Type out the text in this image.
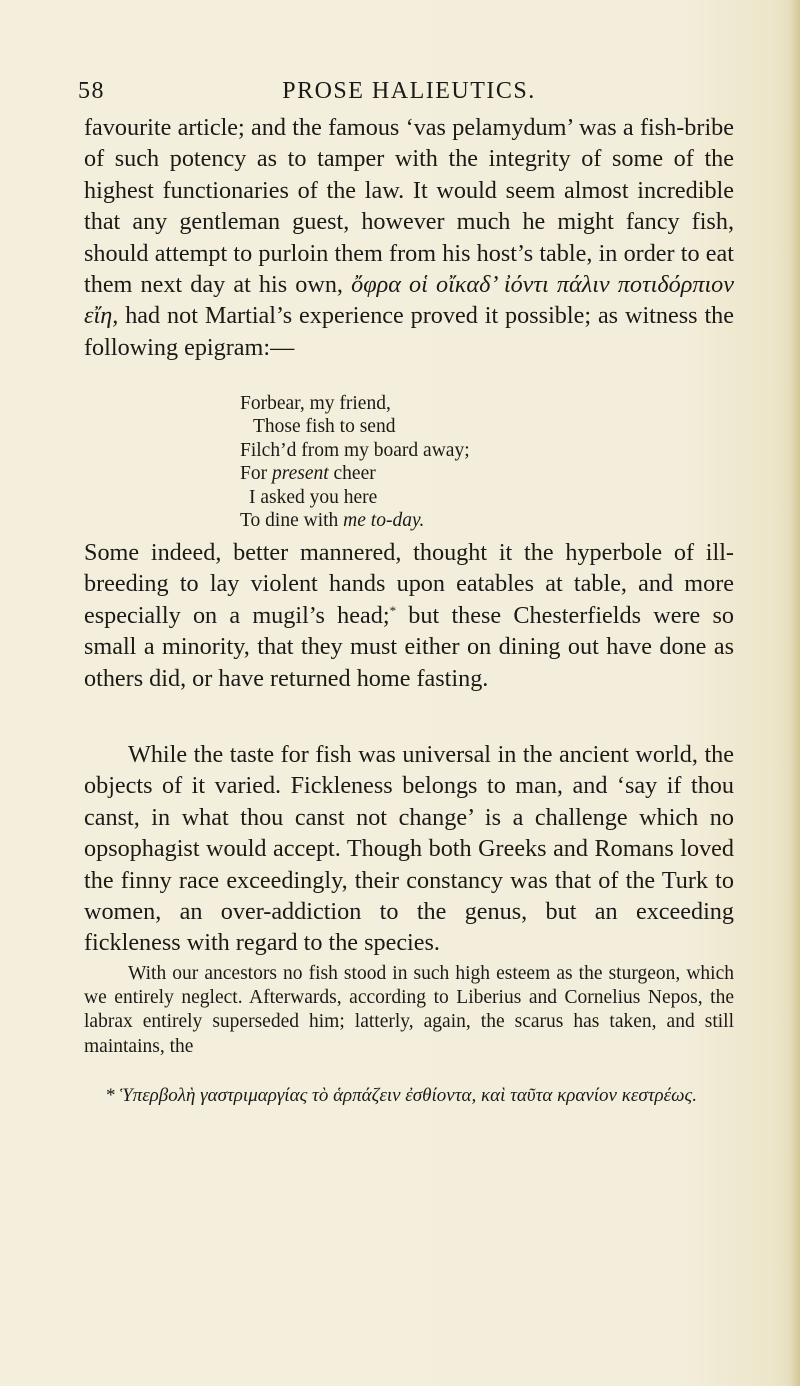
58	PROSE HALIEUTICS.

favourite article; and the famous ‘vas pelamydum’ was a fish-bribe of such potency as to tamper with the integrity of some of the highest functionaries of the law. It would seem almost incredible that any gentleman guest, however much he might fancy fish, should attempt to purloin them from his host’s table, in order to eat them next day at his own, ὄφρα οἱ οἴκαδ’ ἰόντι πάλιν ποτιδόρπιον εἴη, had not Martial’s experience proved it possible; as witness the following epigram:—

Forbear, my friend,
Those fish to send
Filch’d from my board away;
For present cheer
I asked you here
To dine with me to-day.

Some indeed, better mannered, thought it the hyperbole of ill-breeding to lay violent hands upon eatables at table, and more especially on a mugil’s head;* but these Chesterfields were so small a minority, that they must either on dining out have done as others did, or have returned home fasting.

While the taste for fish was universal in the ancient world, the objects of it varied. Fickleness belongs to man, and ‘say if thou canst, in what thou canst not change’ is a challenge which no opsophagist would accept. Though both Greeks and Romans loved the finny race exceedingly, their constancy was that of the Turk to women, an over-addiction to the genus, but an exceeding fickleness with regard to the species.

With our ancestors no fish stood in such high esteem as the sturgeon, which we entirely neglect. Afterwards, according to Liberius and Cornelius Nepos, the labrax entirely superseded him; latterly, again, the scarus has taken, and still maintains, the

* Ὑπερβολὴ γαστριμαργίας τὸ ἁρπάζειν ἐσθίοντα, καὶ ταῦτα κρανίον κεστρέως.
